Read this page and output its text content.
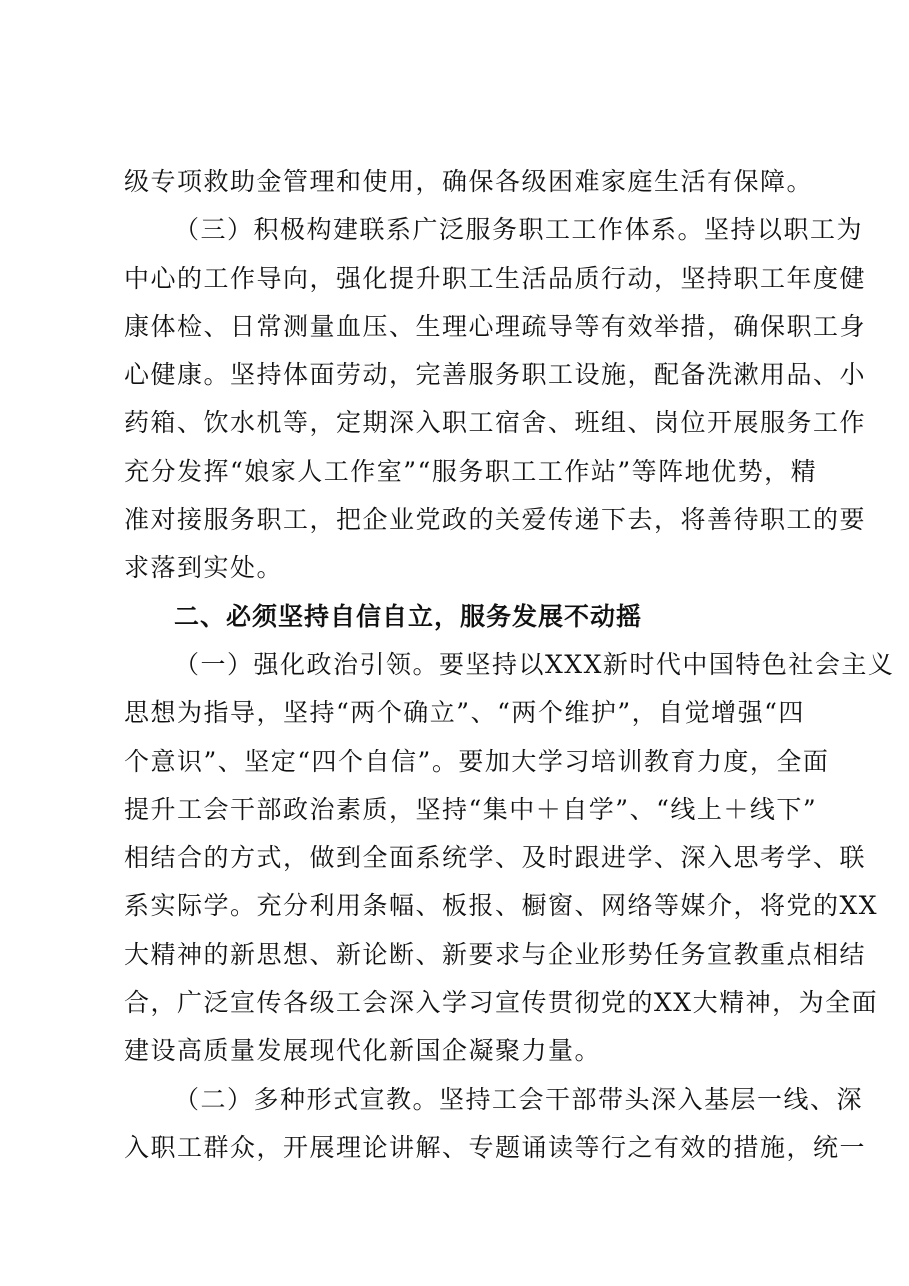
级专项救助金管理和使用，确保各级困难家庭生活有保障。
（三）积极构建联系广泛服务职工工作体系。坚持以职工为
中心的工作导向，强化提升职工生活品质行动，坚持职工年度健
康体检、日常测量血压、生理心理疏导等有效举措，确保职工身
心健康。坚持体面劳动，完善服务职工设施，配备洗漱用品、小
药箱、饮水机等，定期深入职工宿舍、班组、岗位开展服务工作
充分发挥“娘家人工作室”“服务职工工作站”等阵地优势，精
准对接服务职工，把企业党政的关爱传递下去，将善待职工的要
求落到实处。
二、必须坚持自信自立，服务发展不动摇
（一）强化政治引领。要坚持以XXX新时代中国特色社会主义
思想为指导，坚持“两个确立”、“两个维护”，自觉增强“四
个意识”、坚定“四个自信”。要加大学习培训教育力度，全面
提升工会干部政治素质，坚持“集中＋自学”、“线上＋线下”
相结合的方式，做到全面系统学、及时跟进学、深入思考学、联
系实际学。充分利用条幅、板报、橱窗、网络等媒介，将党的XX
大精神的新思想、新论断、新要求与企业形势任务宣教重点相结
合，广泛宣传各级工会深入学习宣传贯彻党的XX大精神，为全面
建设高质量发展现代化新国企凝聚力量。
（二）多种形式宣教。坚持工会干部带头深入基层一线、深
入职工群众，开展理论讲解、专题诵读等行之有效的措施，统一
